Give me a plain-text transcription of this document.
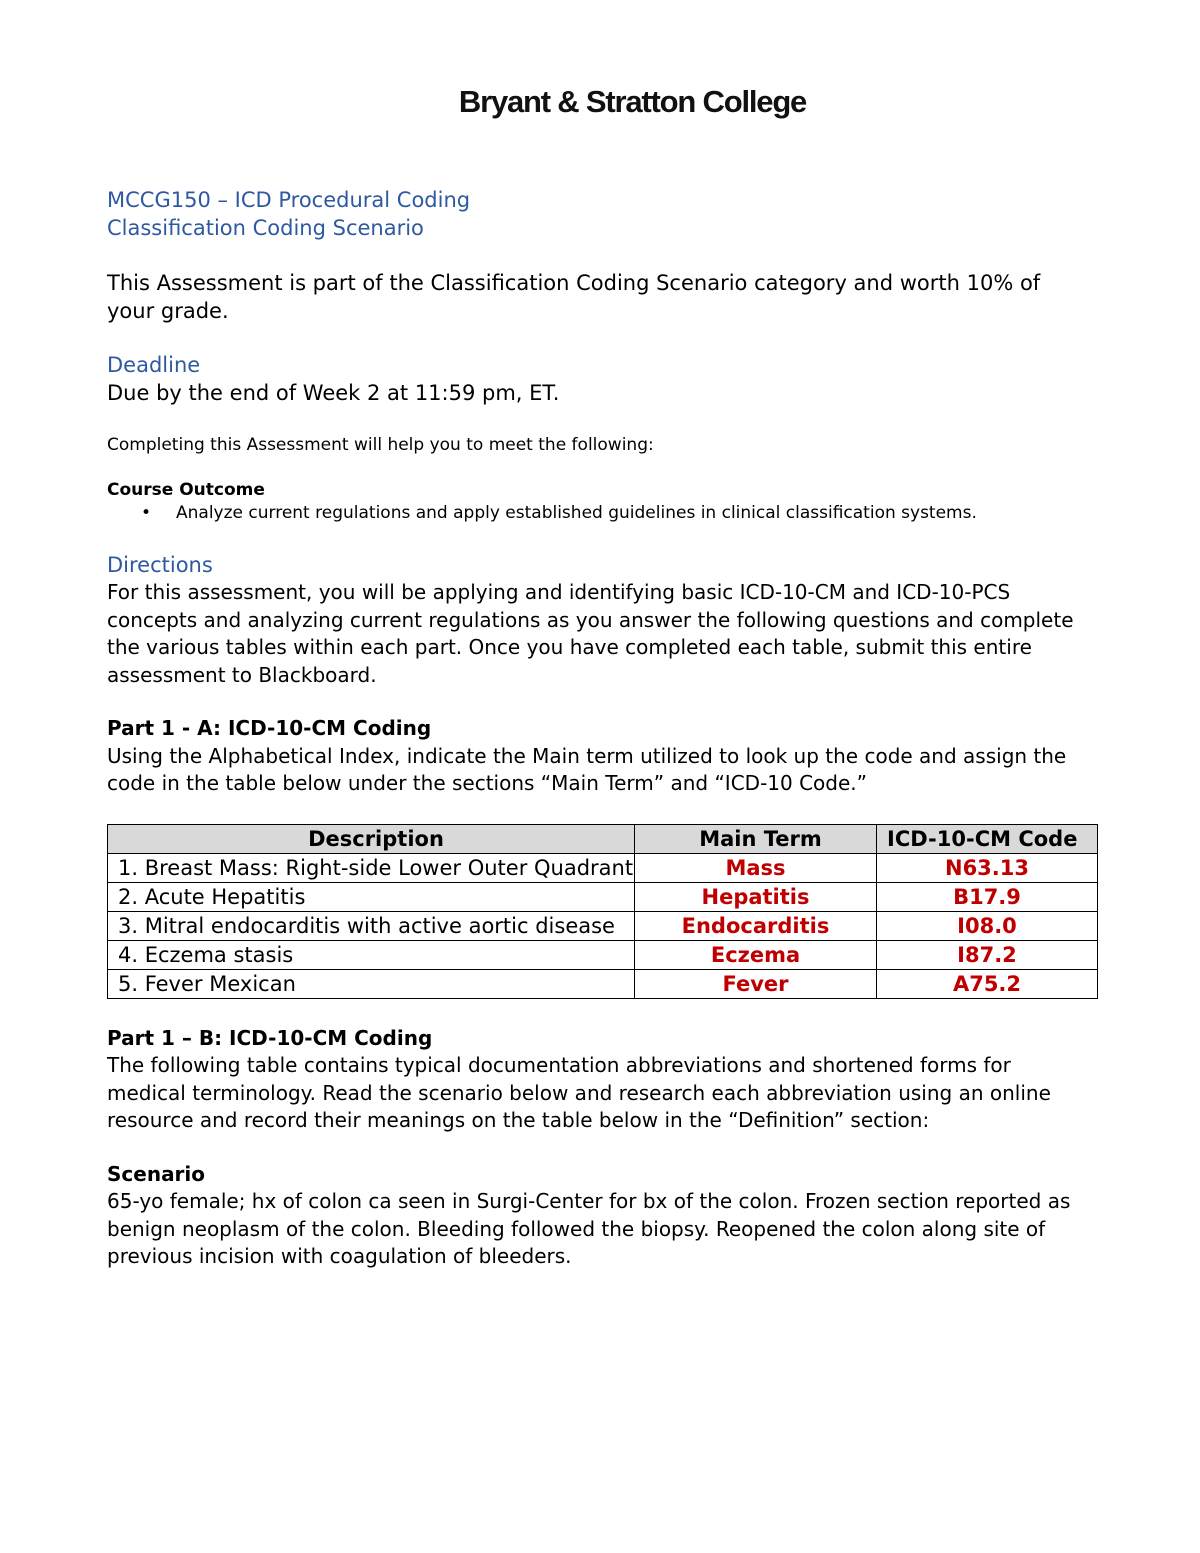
Bryant & Stratton College

MCCG150 – ICD Procedural Coding

Classification Coding Scenario

This Assessment is part of the Classification Coding Scenario category and worth 10% of your grade.

Deadline

Due by the end of Week 2 at 11:59 pm, ET.

Completing this Assessment will help you to meet the following:

Course Outcome

• Analyze current regulations and apply established guidelines in clinical classification systems.

Directions

For this assessment, you will be applying and identifying basic ICD-10-CM and ICD-10-PCS concepts and analyzing current regulations as you answer the following questions and complete the various tables within each part. Once you have completed each table, submit this entire assessment to Blackboard.

Part 1 - A: ICD-10-CM Coding

Using the Alphabetical Index, indicate the Main term utilized to look up the code and assign the code in the table below under the sections “Main Term” and “ICD-10 Code.”

Description	Main Term	ICD-10-CM Code
1. Breast Mass: Right-side Lower Outer Quadrant	Mass	N63.13
2. Acute Hepatitis	Hepatitis	B17.9
3. Mitral endocarditis with active aortic disease	Endocarditis	I08.0
4. Eczema stasis	Eczema	I87.2
5. Fever Mexican	Fever	A75.2

Part 1 – B: ICD-10-CM Coding

The following table contains typical documentation abbreviations and shortened forms for medical terminology. Read the scenario below and research each abbreviation using an online resource and record their meanings on the table below in the “Definition” section:

Scenario

65-yo female; hx of colon ca seen in Surgi-Center for bx of the colon. Frozen section reported as benign neoplasm of the colon. Bleeding followed the biopsy. Reopened the colon along site of previous incision with coagulation of bleeders.
